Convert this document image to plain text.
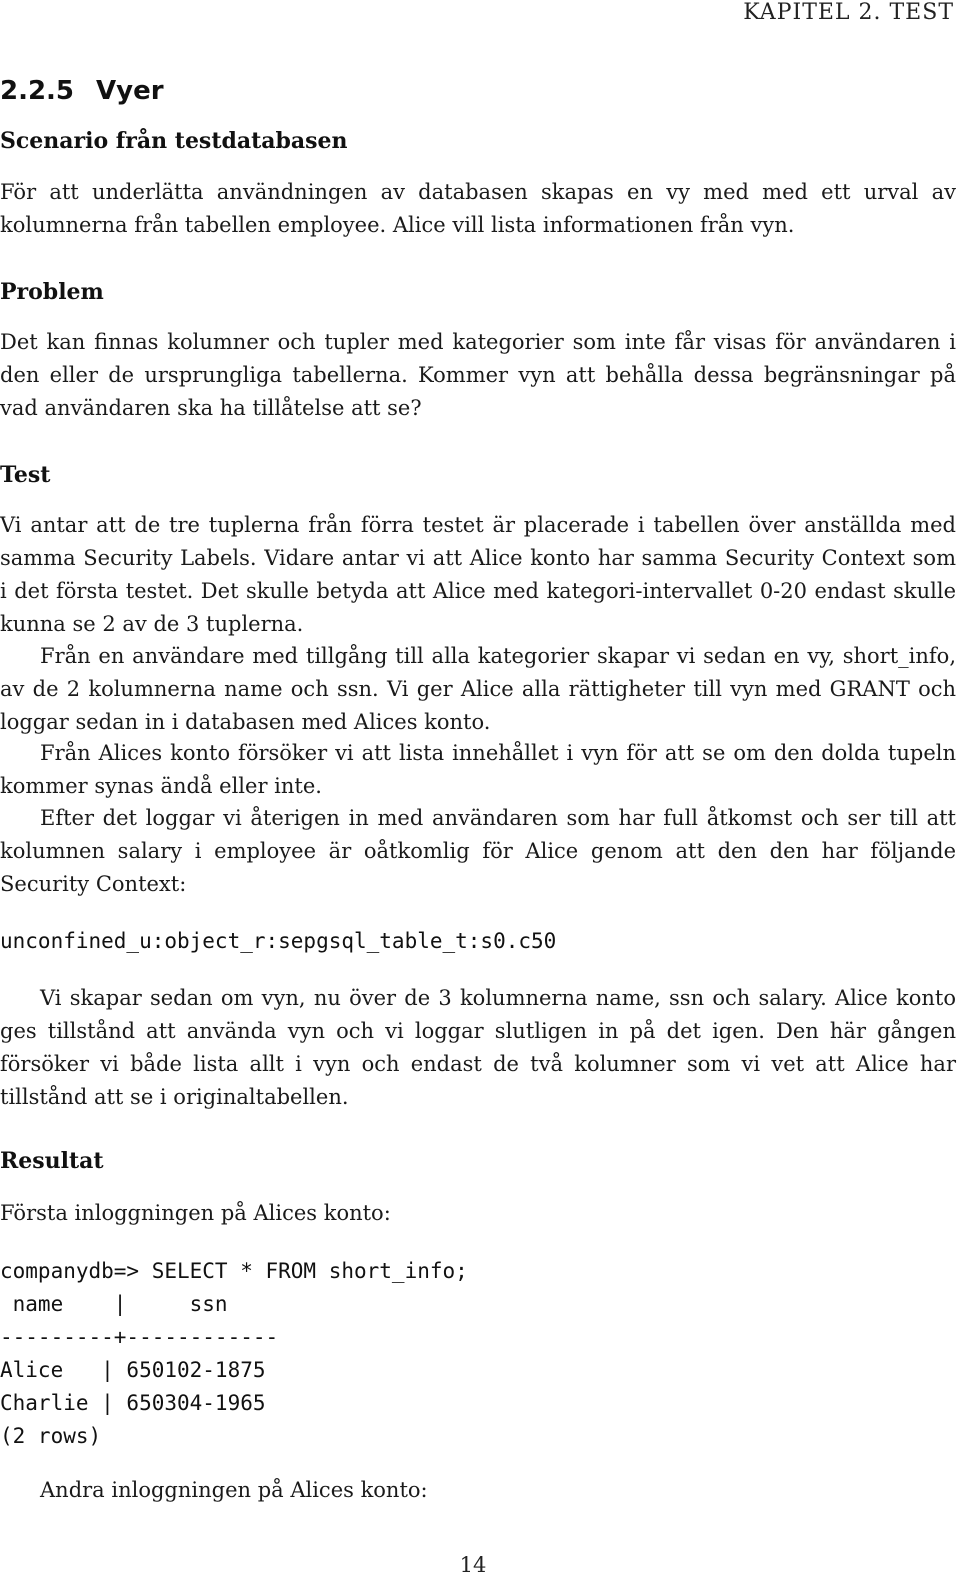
KAPITEL 2. TEST
2.2.5 Vyer
Scenario från testdatabasen

För att underlätta användningen av databasen skapas en vy med med ett urval av kolumnerna från tabellen employee. Alice vill lista informationen från vyn.

Problem

Det kan finnas kolumner och tupler med kategorier som inte får visas för användaren i den eller de ursprungliga tabellerna. Kommer vyn att behålla dessa begränsningar på vad användaren ska ha tillåtelse att se?

Test

Vi antar att de tre tuplerna från förra testet är placerade i tabellen över anställda med samma Security Labels. Vidare antar vi att Alice konto har samma Security Context som i det första testet. Det skulle betyda att Alice med kategori-intervallet 0-20 endast skulle kunna se 2 av de 3 tuplerna.

Från en användare med tillgång till alla kategorier skapar vi sedan en vy, short_info, av de 2 kolumnerna name och ssn. Vi ger Alice alla rättigheter till vyn med GRANT och loggar sedan in i databasen med Alices konto.

Från Alices konto försöker vi att lista innehållet i vyn för att se om den dolda tupeln kommer synas ändå eller inte.

Efter det loggar vi återigen in med användaren som har full åtkomst och ser till att kolumnen salary i employee är oåtkomlig för Alice genom att den den har följande Security Context:

unconfined_u:object_r:sepgsql_table_t:s0.c50

Vi skapar sedan om vyn, nu över de 3 kolumnerna name, ssn och salary. Alice konto ges tillstånd att använda vyn och vi loggar slutligen in på det igen. Den här gången försöker vi både lista allt i vyn och endast de två kolumner som vi vet att Alice har tillstånd att se i originaltabellen.

Resultat

Första inloggningen på Alices konto:

companydb=> SELECT * FROM short_info;
name    |     ssn
---------+------------
Alice   | 650102-1875
Charlie | 650304-1965
(2 rows)

Andra inloggningen på Alices konto:

14
